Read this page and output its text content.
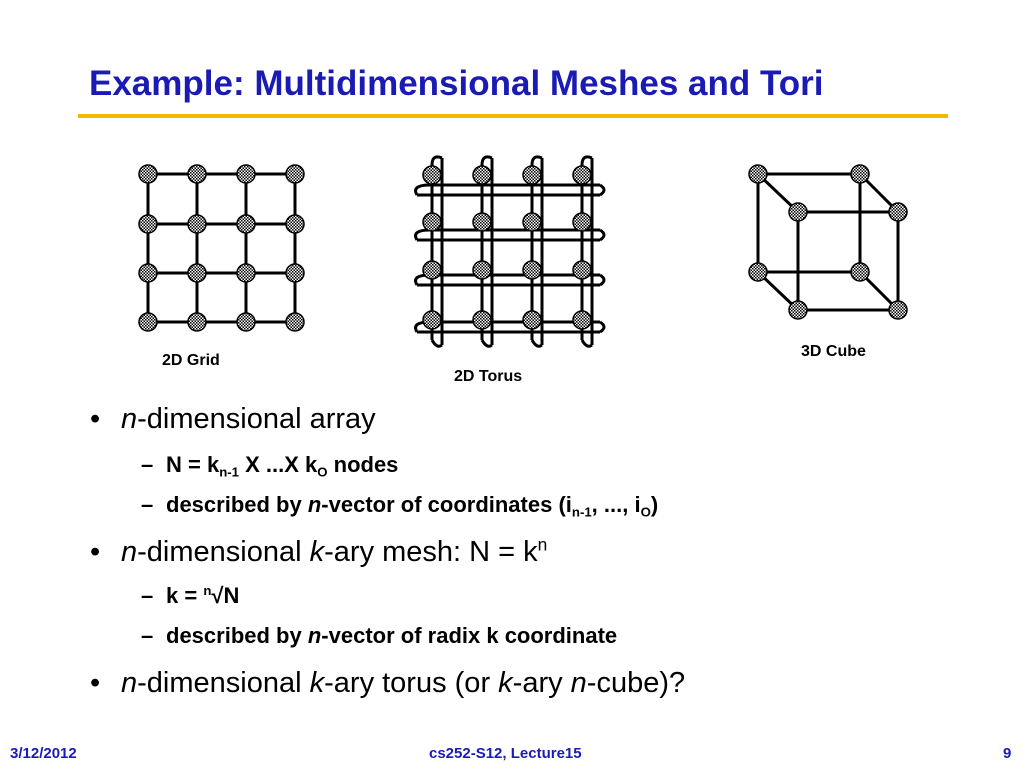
Example: Multidimensional Meshes and Tori
2D Grid
2D Torus
3D Cube
• n-dimensional array
– $N = k_{n-1}$ X ...X $k_O$ nodes
– described by n-vector of coordinates ($i_{n-1}$, ..., $i_O$)
• n-dimensional k-ary mesh: $N = k^n$
– k = $^n$√N
– described by n-vector of radix k coordinate
• n-dimensional k-ary torus (or k-ary n-cube)?
3/12/2012	cs252-S12, Lecture15	9
